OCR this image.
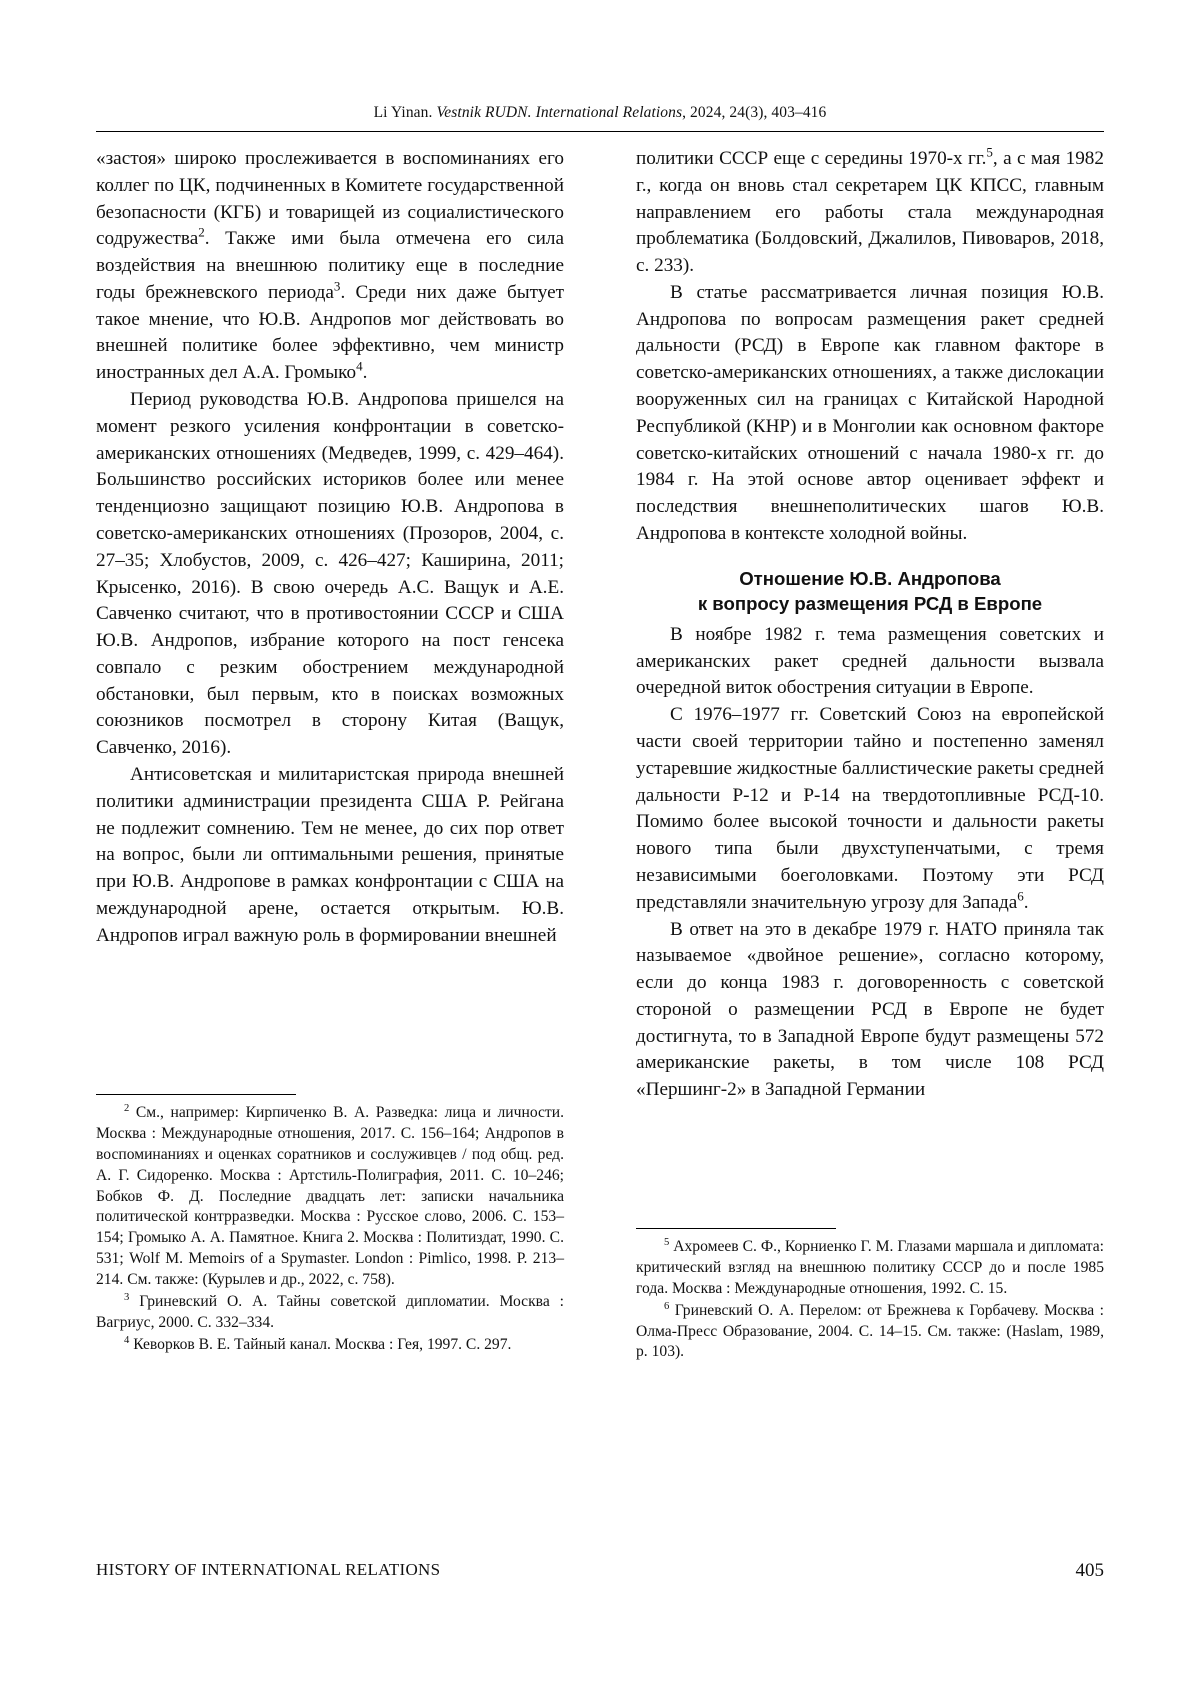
Li Yinan. Vestnik RUDN. International Relations, 2024, 24(3), 403–416

«застоя» широко прослеживается в воспоминаниях его коллег по ЦК, подчиненных в Комитете государственной безопасности (КГБ) и товарищей из социалистического содружества$^2$. Также ими была отмечена его сила воздействия на внешнюю политику еще в последние годы брежневского периода$^3$. Среди них даже бытует такое мнение, что Ю.В. Андропов мог действовать во внешней политике более эффективно, чем министр иностранных дел А.А. Громыко$^4$.

Период руководства Ю.В. Андропова пришелся на момент резкого усиления конфронтации в советско-американских отношениях (Медведев, 1999, с. 429–464). Большинство российских историков более или менее тенденциозно защищают позицию Ю.В. Андропова в советско-американских отношениях (Прозоров, 2004, с. 27–35; Хлобустов, 2009, с. 426–427; Каширина, 2011; Крысенко, 2016). В свою очередь А.С. Ващук и А.Е. Савченко считают, что в противостоянии СССР и США Ю.В. Андропов, избрание которого на пост генсека совпало с резким обострением международной обстановки, был первым, кто в поисках возможных союзников посмотрел в сторону Китая (Ващук, Савченко, 2016).

Антисоветская и милитаристская природа внешней политики администрации президента США Р. Рейгана не подлежит сомнению. Тем не менее, до сих пор ответ на вопрос, были ли оптимальными решения, принятые при Ю.В. Андропове в рамках конфронтации с США на международной арене, остается открытым. Ю.В. Андропов играл важную роль в формировании внешней

$^2$ См., например: Кирпиченко В. А. Разведка: лица и личности. Москва : Международные отношения, 2017. С. 156–164; Андропов в воспоминаниях и оценках соратников и сослуживцев / под общ. ред. А. Г. Сидоренко. Москва : Артстиль-Полиграфия, 2011. С. 10–246; Бобков Ф. Д. Последние двадцать лет: записки начальника политической контрразведки. Москва : Русское слово, 2006. С. 153–154; Громыко А. А. Памятное. Книга 2. Москва : Политиздат, 1990. С. 531; Wolf M. Memoirs of a Spymaster. London : Pimlico, 1998. Р. 213–214. См. также: (Курылев и др., 2022, с. 758).

$^3$ Гриневский О. А. Тайны советской дипломатии. Москва : Вагриус, 2000. С. 332–334.

$^4$ Кеворков В. Е. Тайный канал. Москва : Гея, 1997. С. 297.

политики СССР еще с середины 1970-х гг.$^5$, а с мая 1982 г., когда он вновь стал секретарем ЦК КПСС, главным направлением его работы стала международная проблематика (Болдовский, Джалилов, Пивоваров, 2018, с. 233).

В статье рассматривается личная позиция Ю.В. Андропова по вопросам размещения ракет средней дальности (РСД) в Европе как главном факторе в советско-американских отношениях, а также дислокации вооруженных сил на границах с Китайской Народной Республикой (КНР) и в Монголии как основном факторе советско-китайских отношений с начала 1980-х гг. до 1984 г. На этой основе автор оценивает эффект и последствия внешнеполитических шагов Ю.В. Андропова в контексте холодной войны.

Отношение Ю.В. Андропова
к вопросу размещения РСД в Европе

В ноябре 1982 г. тема размещения советских и американских ракет средней дальности вызвала очередной виток обострения ситуации в Европе.

С 1976–1977 гг. Советский Союз на европейской части своей территории тайно и постепенно заменял устаревшие жидкостные баллистические ракеты средней дальности Р-12 и Р-14 на твердотопливные РСД-10. Помимо более высокой точности и дальности ракеты нового типа были двухступенчатыми, с тремя независимыми боеголовками. Поэтому эти РСД представляли значительную угрозу для Запада$^6$.

В ответ на это в декабре 1979 г. НАТО приняла так называемое «двойное решение», согласно которому, если до конца 1983 г. договоренность с советской стороной о размещении РСД в Европе не будет достигнута, то в Западной Европе будут размещены 572 американские ракеты, в том числе 108 РСД «Першинг-2» в Западной Германии

$^5$ Ахромеев С. Ф., Корниенко Г. М. Глазами маршала и дипломата: критический взгляд на внешнюю политику СССР до и после 1985 года. Москва : Международные отношения, 1992. С. 15.

$^6$ Гриневский О. А. Перелом: от Брежнева к Горбачеву. Москва : Олма-Пресс Образование, 2004. С. 14–15. См. также: (Haslam, 1989, р. 103).

HISTORY OF INTERNATIONAL RELATIONS	405
